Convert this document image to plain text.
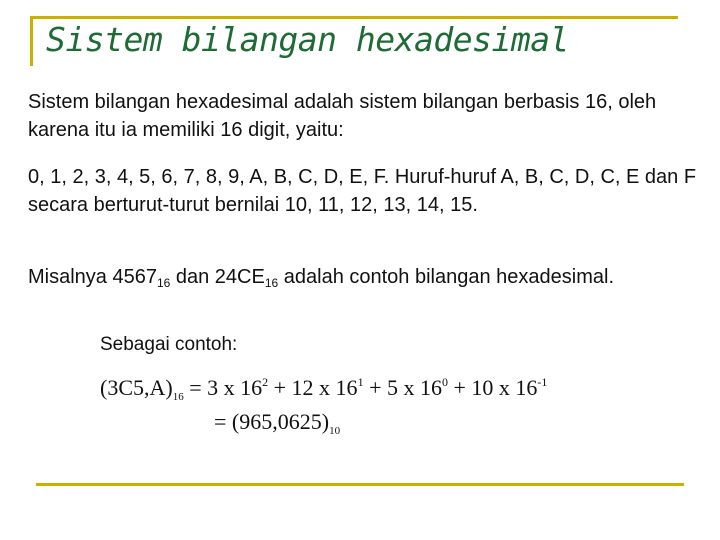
Sistem bilangan hexadesimal

Sistem bilangan hexadesimal adalah sistem bilangan berbasis 16, oleh karena itu ia memiliki 16 digit, yaitu:

0, 1, 2, 3, 4, 5, 6, 7, 8, 9, A, B, C, D, E, F. Huruf-huruf A, B, C, D, C, E dan F secara berturut-turut bernilai 10, 11, 12, 13, 14, 15.

Misalnya $4567_{16}$ dan $24CE_{16}$ adalah contoh bilangan hexadesimal.

Sebagai contoh:

$(3C5,A)_{16} = 3$ x $16^2 + 12$ x $16^1 + 5$ x $16^0 + 10$ x $16^{-1}$
= $(965,0625)_{10}$
